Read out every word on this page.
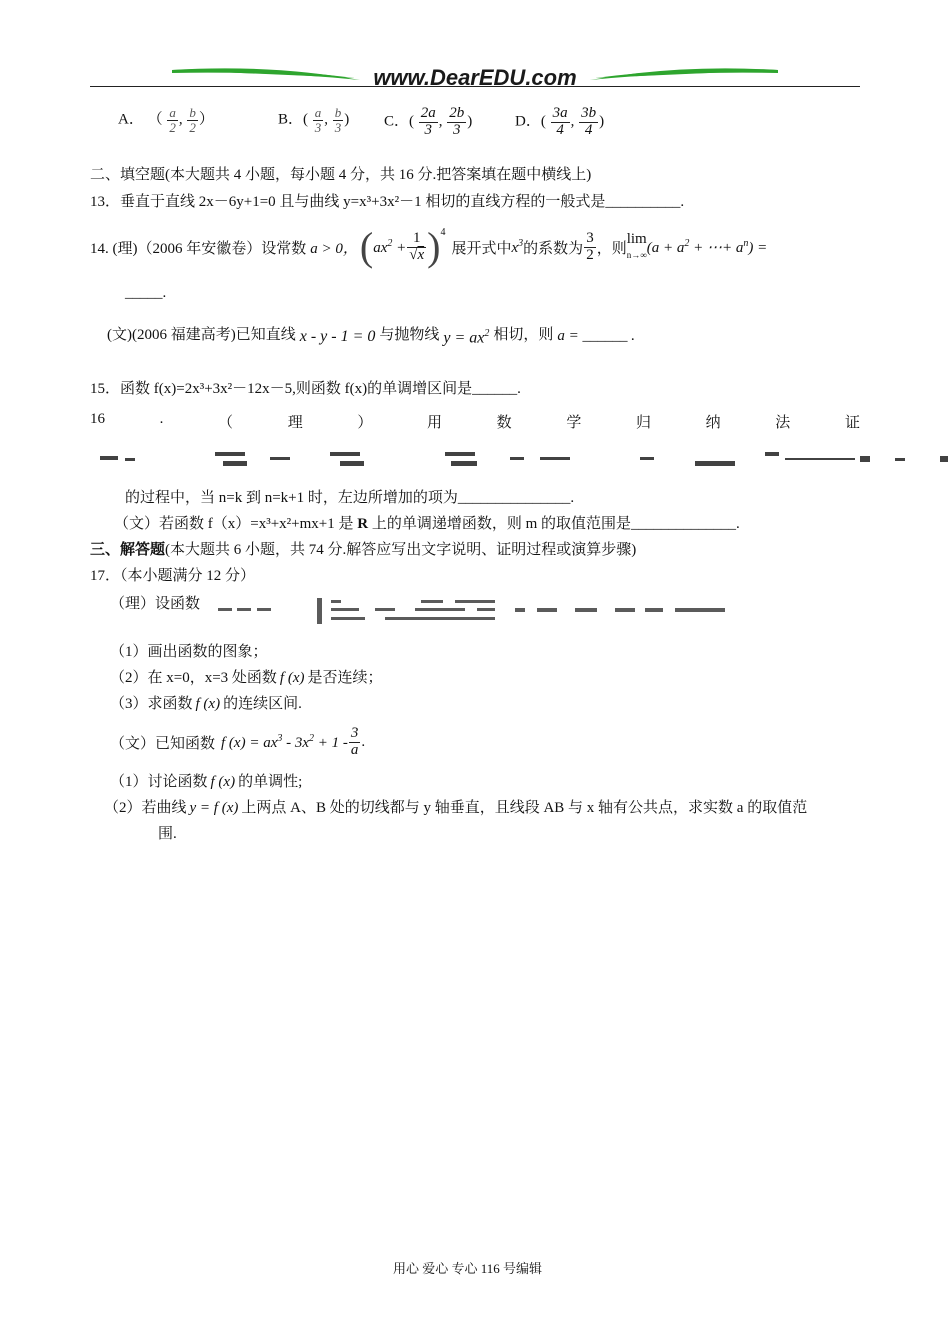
www.DearEDU.com
A． （ $\frac{a}{2}$ , $\frac{b}{2}$ ）	B．( $\frac{a}{3}$ , $\frac{b}{3}$ ) C．( $\frac{2a}{3}$ , $\frac{2b}{3}$ )	D．( $\frac{3a}{4}$ , $\frac{3b}{4}$ )
二、填空题(本大题共 4 小题，每小题 4 分，共 16 分.把答案填在题中横线上)
13．垂直于直线 2x－6y+1=0 且与曲线 y=x³+3x²－1 相切的直线方程的一般式是__________.
14. (理)（2006 年安徽卷）设常数 a > 0， ( $ax^2 + \frac{1}{√x} )^4$
展开式中 $x^3$ 的系数为 $\frac{3}{2}$ ，则
lim
n→∞ ($a + a^2$ + ⋯+ $a^n$) =
_____.
(文)(2006 福建高考)已知直线 x - y - 1 = 0 与抛物线 $y = ax^2$ 相切，则 a = ______ .
15．函数 f(x)=2x³+3x²－12x－5,则函数 f(x)的单调增区间是______.
16	.	（	理	）	用	数	学	归	纳	法	证
的过程中，当 n=k 到 n=k+1 时，左边所增加的项为_______________.
（文）若函数 f（x）=x³+x²+mx+1 是 R 上的单调递增函数，则 m 的取值范围是______________.
三、解答题(本大题共 6 小题，共 74 分.解答应写出文字说明、证明过程或演算步骤)
17．（本小题满分 12 分）
（理）设函数
（1）画出函数的图象；
（2）在 x=0，x=3 处函数 f (x) 是否连续；
（3）求函数 f (x) 的连续区间.
（文）已知函数 f $(x) = ax^3 - 3x^2 + 1 - \frac{3}{a}$ .
（1）讨论函数 f (x) 的单调性;
（2）若曲线 y = f (x) 上两点 A、B 处的切线都与 y 轴垂直，且线段 AB 与 x 轴有公共点，求实数 a 的取值范
围.
用心 爱心 专心 116 号编辑
